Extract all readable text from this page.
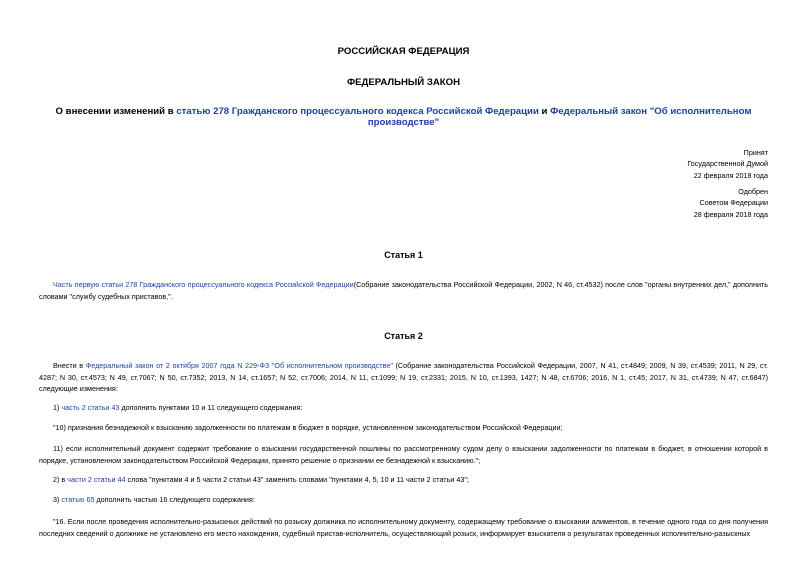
РОССИЙСКАЯ ФЕДЕРАЦИЯ
ФЕДЕРАЛЬНЫЙ ЗАКОН
О внесении изменений в статью 278 Гражданского процессуального кодекса Российской Федерации и Федеральный закон "Об исполнительном производстве"
Принят
Государственной Думой
22 февраля 2018 года
Одобрен
Советом Федерации
28 февраля 2018 года
Статья 1
Часть первую статьи 278 Гражданского процессуального кодекса Российской Федерации(Собрание законодательства Российской Федерации, 2002, N 46, ст.4532) после слов "органы внутренних дел," дополнить словами "службу судебных приставов,".
Статья 2
Внести в Федеральный закон от 2 октября 2007 года N 229-ФЗ "Об исполнительном производстве" (Собрание законодательства Российской Федерации, 2007, N 41, ст.4849; 2009, N 39, ст.4539; 2011, N 29, ст. 4287; N 30, ст.4573; N 49, ст.7067; N 50, ст.7352; 2013, N 14, ст.1657; N 52, ст.7006; 2014, N 11, ст.1099; N 19, ст.2331; 2015, N 10, ст.1393, 1427; N 48, ст.6706; 2016, N 1, ст.45; 2017, N 31, ст.4739; N 47, ст.6847) следующие изменения:
1) часть 2 статьи 43 дополнить пунктами 10 и 11 следующего содержания:
"10) признания безнадежной к взысканию задолженности по платежам в бюджет в порядке, установленном законодательством Российской Федерации;
11) если исполнительный документ содержит требование о взыскании государственной пошлины по рассмотренному судом делу о взыскании задолженности по платежам в бюджет, в отношении которой в порядке, установленном законодательством Российской Федерации, принято решение о признании ее безнадежной к взысканию.";
2) в части 2 статьи 44 слова "пунктами 4 и 5 части 2 статьи 43" заменить словами "пунктами 4, 5, 10 и 11 части 2 статьи 43";
3) статью 65 дополнить частью 16 следующего содержания:
"16. Если после проведения исполнительно-разыскных действий по розыску должника по исполнительному документу, содержащему требование о взыскании алиментов, в течение одного года со дня получения последних сведений о должнике не установлено его место нахождения, судебный пристав-исполнитель, осуществляющий розыск, информирует взыскателя о результатах проведенных исполнительно-разыскных
